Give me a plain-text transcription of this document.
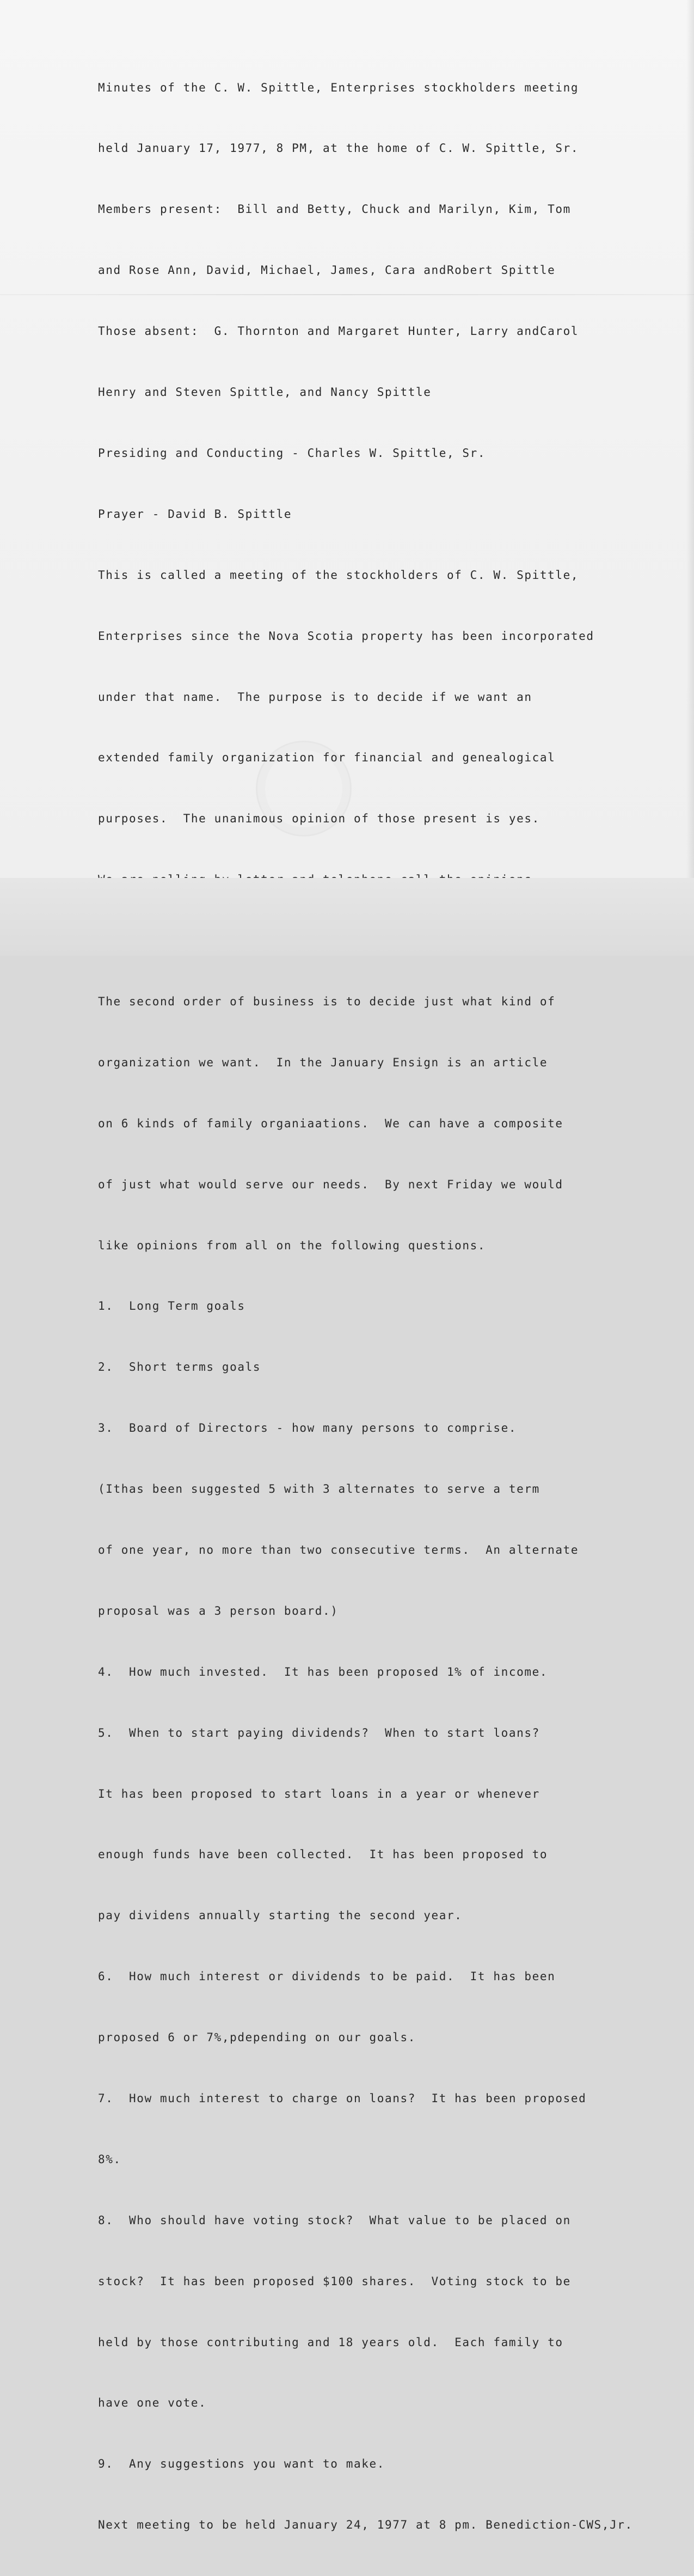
Minutes of the C. W. Spittle, Enterprises stockholders meeting

held January 17, 1977, 8 PM, at the home of C. W. Spittle, Sr.

Members present:  Bill and Betty, Chuck and Marilyn, Kim, Tom

and Rose Ann, David, Michael, James, Cara andRobert Spittle

Those absent:  G. Thornton and Margaret Hunter, Larry andCarol

Henry and Steven Spittle, and Nancy Spittle

Presiding and Conducting - Charles W. Spittle, Sr.

Prayer - David B. Spittle

This is called a meeting of the stockholders of C. W. Spittle,

Enterprises since the Nova Scotia property has been incorporated

under that name.  The purpose is to decide if we want an

extended family organization for financial and genealogical

purposes.  The unanimous opinion of those present is yes.

The second order of business is to decide just what kind of

organization we want.  In the January Ensign is an article

on 6 kinds of family organiaations.  We can have a composite

of just what would serve our needs.  By next Friday we would

like opinions from all on the following questions.

1.  Long Term goals

2.  Short terms goals

3.  Board of Directors - how many persons to comprise.

(Ithas been suggested 5 with 3 alternates to serve a term

of one year, no more than two consecutive terms.  An alternate

proposal was a 3 person board.)

4.  How much invested.  It has been proposed 1% of income.

5.  When to start paying dividends?  When to start loans?

It has been proposed to start loans in a year or whenever

enough funds have been collected.  It has been proposed to

pay dividens annually starting the second year.

6.  How much interest or dividends to be paid.  It has been

proposed 6 or 7%,pdepending on our goals.

7.  How much interest to charge on loans?  It has been proposed

8%.

8.  Who should have voting stock?  What value to be placed on

stock?  It has been proposed $100 shares.  Voting stock to be

held by those contributing and 18 years old.  Each family to

have one vote.

9.  Any suggestions you want to make.

Next meeting to be held January 24, 1977 at 8 pm. Benediction-CWS,Jr.
